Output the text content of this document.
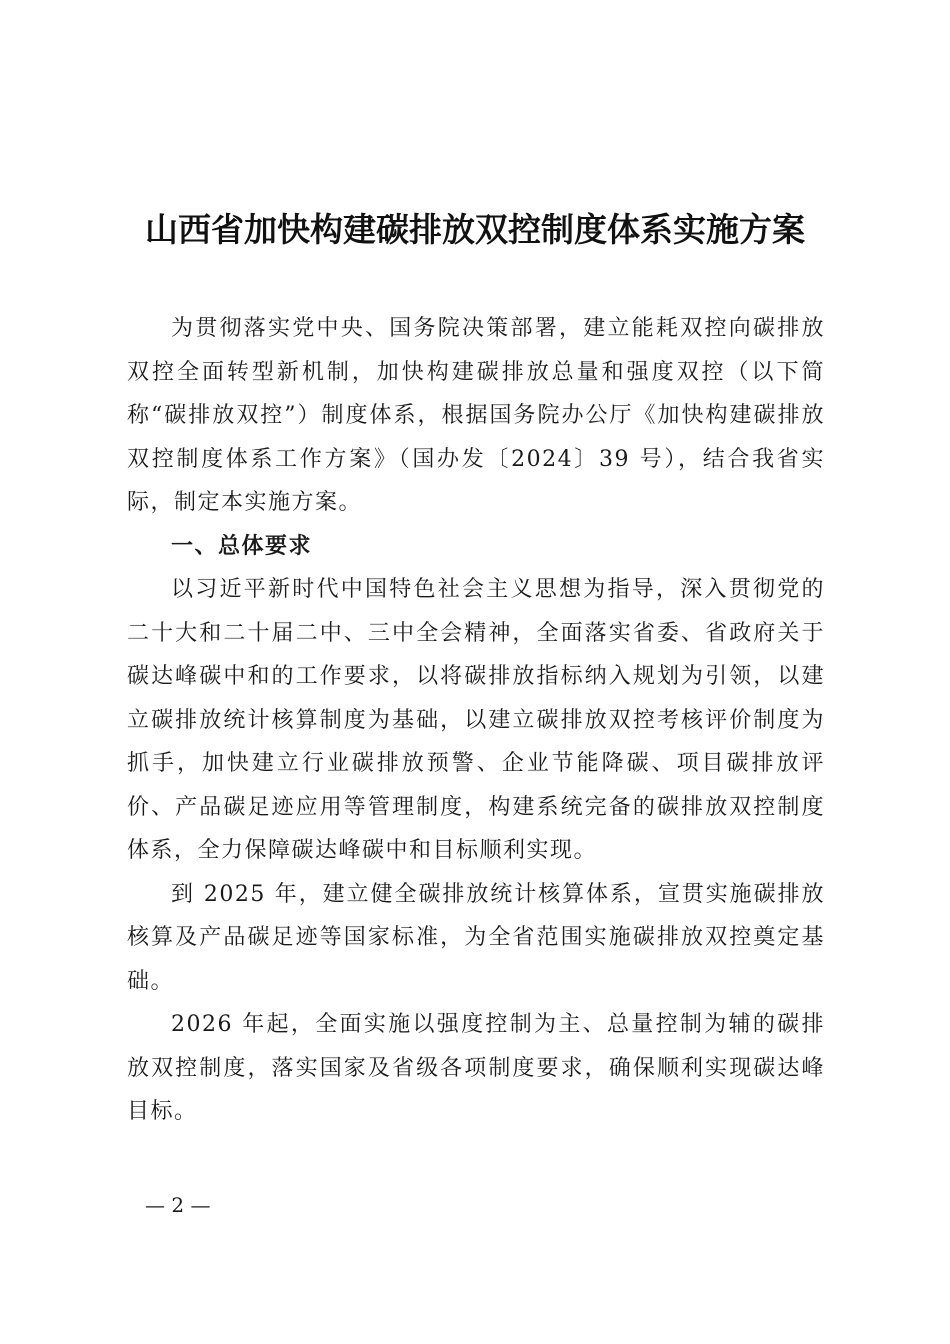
山西省加快构建碳排放双控制度体系实施方案

为贯彻落实党中央、国务院决策部署，建立能耗双控向碳排放双控全面转型新机制，加快构建碳排放总量和强度双控（以下简称“碳排放双控”）制度体系，根据国务院办公厅《加快构建碳排放双控制度体系工作方案》（国办发〔2024〕39 号），结合我省实际，制定本实施方案。

一、总体要求

以习近平新时代中国特色社会主义思想为指导，深入贯彻党的二十大和二十届二中、三中全会精神，全面落实省委、省政府关于碳达峰碳中和的工作要求，以将碳排放指标纳入规划为引领，以建立碳排放统计核算制度为基础，以建立碳排放双控考核评价制度为抓手，加快建立行业碳排放预警、企业节能降碳、项目碳排放评价、产品碳足迹应用等管理制度，构建系统完备的碳排放双控制度体系，全力保障碳达峰碳中和目标顺利实现。

到 2025 年，建立健全碳排放统计核算体系，宣贯实施碳排放核算及产品碳足迹等国家标准，为全省范围实施碳排放双控奠定基础。

2026 年起，全面实施以强度控制为主、总量控制为辅的碳排放双控制度，落实国家及省级各项制度要求，确保顺利实现碳达峰目标。

— 2 —
